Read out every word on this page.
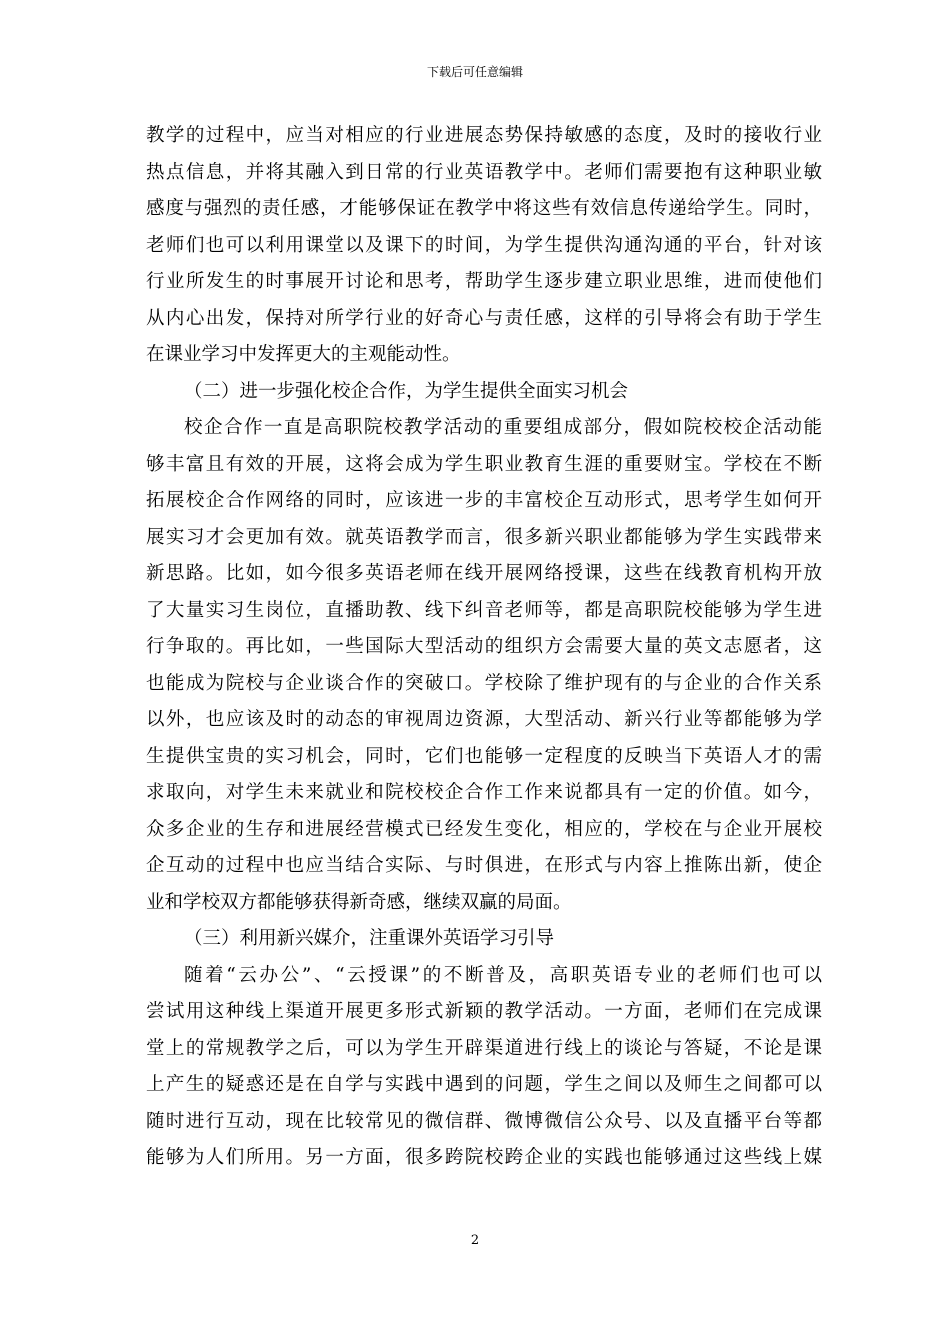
下载后可任意编辑
教学的过程中，应当对相应的行业进展态势保持敏感的态度，及时的接收行业
热点信息，并将其融入到日常的行业英语教学中。老师们需要抱有这种职业敏
感度与强烈的责任感，才能够保证在教学中将这些有效信息传递给学生。同时，
老师们也可以利用课堂以及课下的时间，为学生提供沟通沟通的平台，针对该
行业所发生的时事展开讨论和思考，帮助学生逐步建立职业思维，进而使他们
从内心出发，保持对所学行业的好奇心与责任感，这样的引导将会有助于学生
在课业学习中发挥更大的主观能动性。
（二）进一步强化校企合作，为学生提供全面实习机会
校企合作一直是高职院校教学活动的重要组成部分，假如院校校企活动能
够丰富且有效的开展，这将会成为学生职业教育生涯的重要财宝。学校在不断
拓展校企合作网络的同时，应该进一步的丰富校企互动形式，思考学生如何开
展实习才会更加有效。就英语教学而言，很多新兴职业都能够为学生实践带来
新思路。比如，如今很多英语老师在线开展网络授课，这些在线教育机构开放
了大量实习生岗位，直播助教、线下纠音老师等，都是高职院校能够为学生进
行争取的。再比如，一些国际大型活动的组织方会需要大量的英文志愿者，这
也能成为院校与企业谈合作的突破口。学校除了维护现有的与企业的合作关系
以外，也应该及时的动态的审视周边资源，大型活动、新兴行业等都能够为学
生提供宝贵的实习机会，同时，它们也能够一定程度的反映当下英语人才的需
求取向，对学生未来就业和院校校企合作工作来说都具有一定的价值。如今，
众多企业的生存和进展经营模式已经发生变化，相应的，学校在与企业开展校
企互动的过程中也应当结合实际、与时俱进，在形式与内容上推陈出新，使企
业和学校双方都能够获得新奇感，继续双赢的局面。
（三）利用新兴媒介，注重课外英语学习引导
随着“云办公”、“云授课”的不断普及，高职英语专业的老师们也可以
尝试用这种线上渠道开展更多形式新颖的教学活动。一方面，老师们在完成课
堂上的常规教学之后，可以为学生开辟渠道进行线上的谈论与答疑，不论是课
上产生的疑惑还是在自学与实践中遇到的问题，学生之间以及师生之间都可以
随时进行互动，现在比较常见的微信群、微博微信公众号、以及直播平台等都
能够为人们所用。另一方面，很多跨院校跨企业的实践也能够通过这些线上媒
2
